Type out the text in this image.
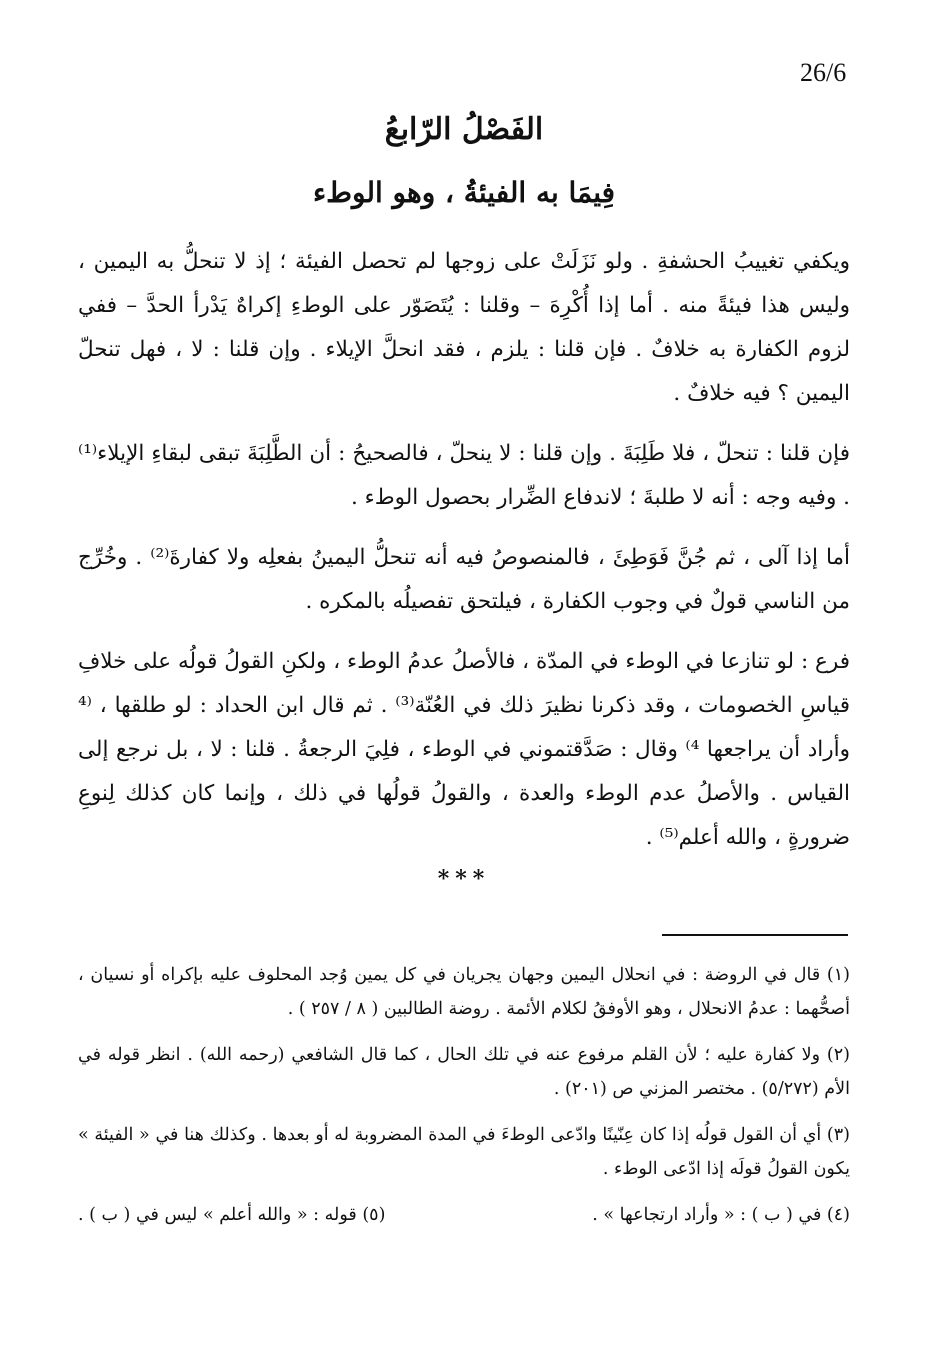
26/6
الفَصْلُ الرّابعُ
فِيمَا به الفيئةُ ، وهو الوطء

ويكفي تغييبُ الحشفةِ . ولو نَزَلَتْ على زوجها لم تحصل الفيئة ؛ إذ لا تنحلُّ به اليمين ، وليس هذا فيئةً منه . أما إذا أُكْرِهَ – وقلنا : يُتَصَوّر على الوطءِ إكراهٌ يَدْرأ الحدَّ – ففي لزوم الكفارة به خلافٌ . فإن قلنا : يلزم ، فقد انحلَّ الإيلاء . وإن قلنا : لا ، فهل تنحلّ اليمين ؟ فيه خلافٌ .

فإن قلنا : تنحلّ ، فلا طَلِبَةَ . وإن قلنا : لا ينحلّ ، فالصحيحُ : أن الطَّلِبَةَ تبقى لبقاءِ الإيلاء⁽¹⁾ . وفيه وجه : أنه لا طلبةَ ؛ لاندفاع الضِّرار بحصول الوطء .

أما إذا آلى ، ثم جُنَّ فَوَطِئَ ، فالمنصوصُ فيه أنه تنحلُّ اليمينُ بفعلِه ولا كفارةَ⁽²⁾ . وخُرِّج من الناسي قولٌ في وجوب الكفارة ، فيلتحق تفصيلُه بالمكره .

فرع : لو تنازعا في الوطء في المدّة ، فالأصلُ عدمُ الوطء ، ولكنِ القولُ قولُه على خلافِ قياسِ الخصومات ، وقد ذكرنا نظيرَ ذلك في العُنّة⁽³⁾ . ثم قال ابن الحداد : لو طلقها ، ⁽⁴ وأراد أن يراجعها ⁴⁾ وقال : صَدَّقتموني في الوطء ، فلِيَ الرجعةُ . قلنا : لا ، بل نرجع إلى القياس . والأصلُ عدم الوطء والعدة ، والقولُ قولُها في ذلك ، وإنما كان كذلك لِنوعِ ضرورةٍ ، والله أعلم⁽⁵⁾ .

***

(١) قال في الروضة : في انحلال اليمين وجهان يجريان في كل يمين وُجد المحلوف عليه بإكراه أو نسيان ، أصحُّهما : عدمُ الانحلال ، وهو الأوفقُ لكلام الأئمة . روضة الطالبين ( ٨ / ٢٥٧ ) .

(٢) ولا كفارة عليه ؛ لأن القلم مرفوع عنه في تلك الحال ، كما قال الشافعي (رحمه الله) . انظر قوله في الأم (٥/٢٧٢) . مختصر المزني ص (٢٠١) .

(٣) أي أن القول قولُه إذا كان عِنّينًا وادّعى الوطءَ في المدة المضروبة له أو بعدها . وكذلك هنا في « الفيئة » يكون القولُ قولَه إذا ادّعى الوطء .

(٤) في ( ب ) : « وأراد ارتجاعها » .
(٥) قوله : « والله أعلم » ليس في ( ب ) .
